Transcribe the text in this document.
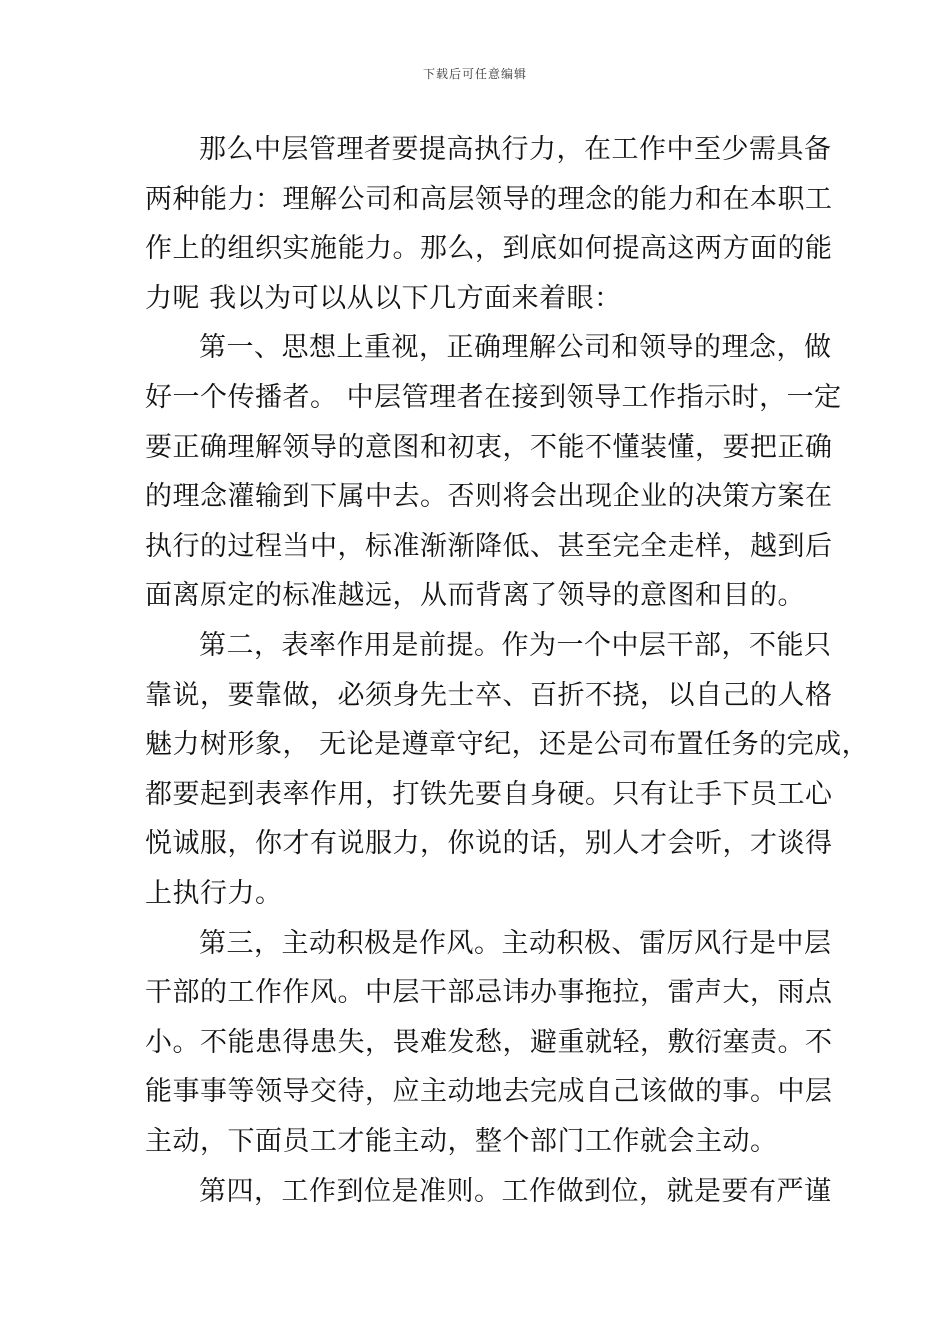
下载后可任意编辑
那么中层管理者要提高执行力，在工作中至少需具备
两种能力：理解公司和高层领导的理念的能力和在本职工
作上的组织实施能力。那么，到底如何提高这两方面的能
力呢 我以为可以从以下几方面来着眼：
第一、思想上重视，正确理解公司和领导的理念，做
好一个传播者。 中层管理者在接到领导工作指示时，一定
要正确理解领导的意图和初衷，不能不懂装懂，要把正确
的理念灌输到下属中去。否则将会出现企业的决策方案在
执行的过程当中，标准渐渐降低、甚至完全走样，越到后
面离原定的标准越远，从而背离了领导的意图和目的。
第二，表率作用是前提。作为一个中层干部，不能只
靠说，要靠做，必须身先士卒、百折不挠，以自己的人格
魅力树形象， 无论是遵章守纪，还是公司布置任务的完成，
都要起到表率作用，打铁先要自身硬。只有让手下员工心
悦诚服，你才有说服力，你说的话，别人才会听，才谈得
上执行力。
第三，主动积极是作风。主动积极、雷厉风行是中层
干部的工作作风。中层干部忌讳办事拖拉，雷声大，雨点
小。不能患得患失，畏难发愁，避重就轻，敷衍塞责。不
能事事等领导交待，应主动地去完成自己该做的事。中层
主动，下面员工才能主动，整个部门工作就会主动。
第四，工作到位是准则。工作做到位，就是要有严谨
